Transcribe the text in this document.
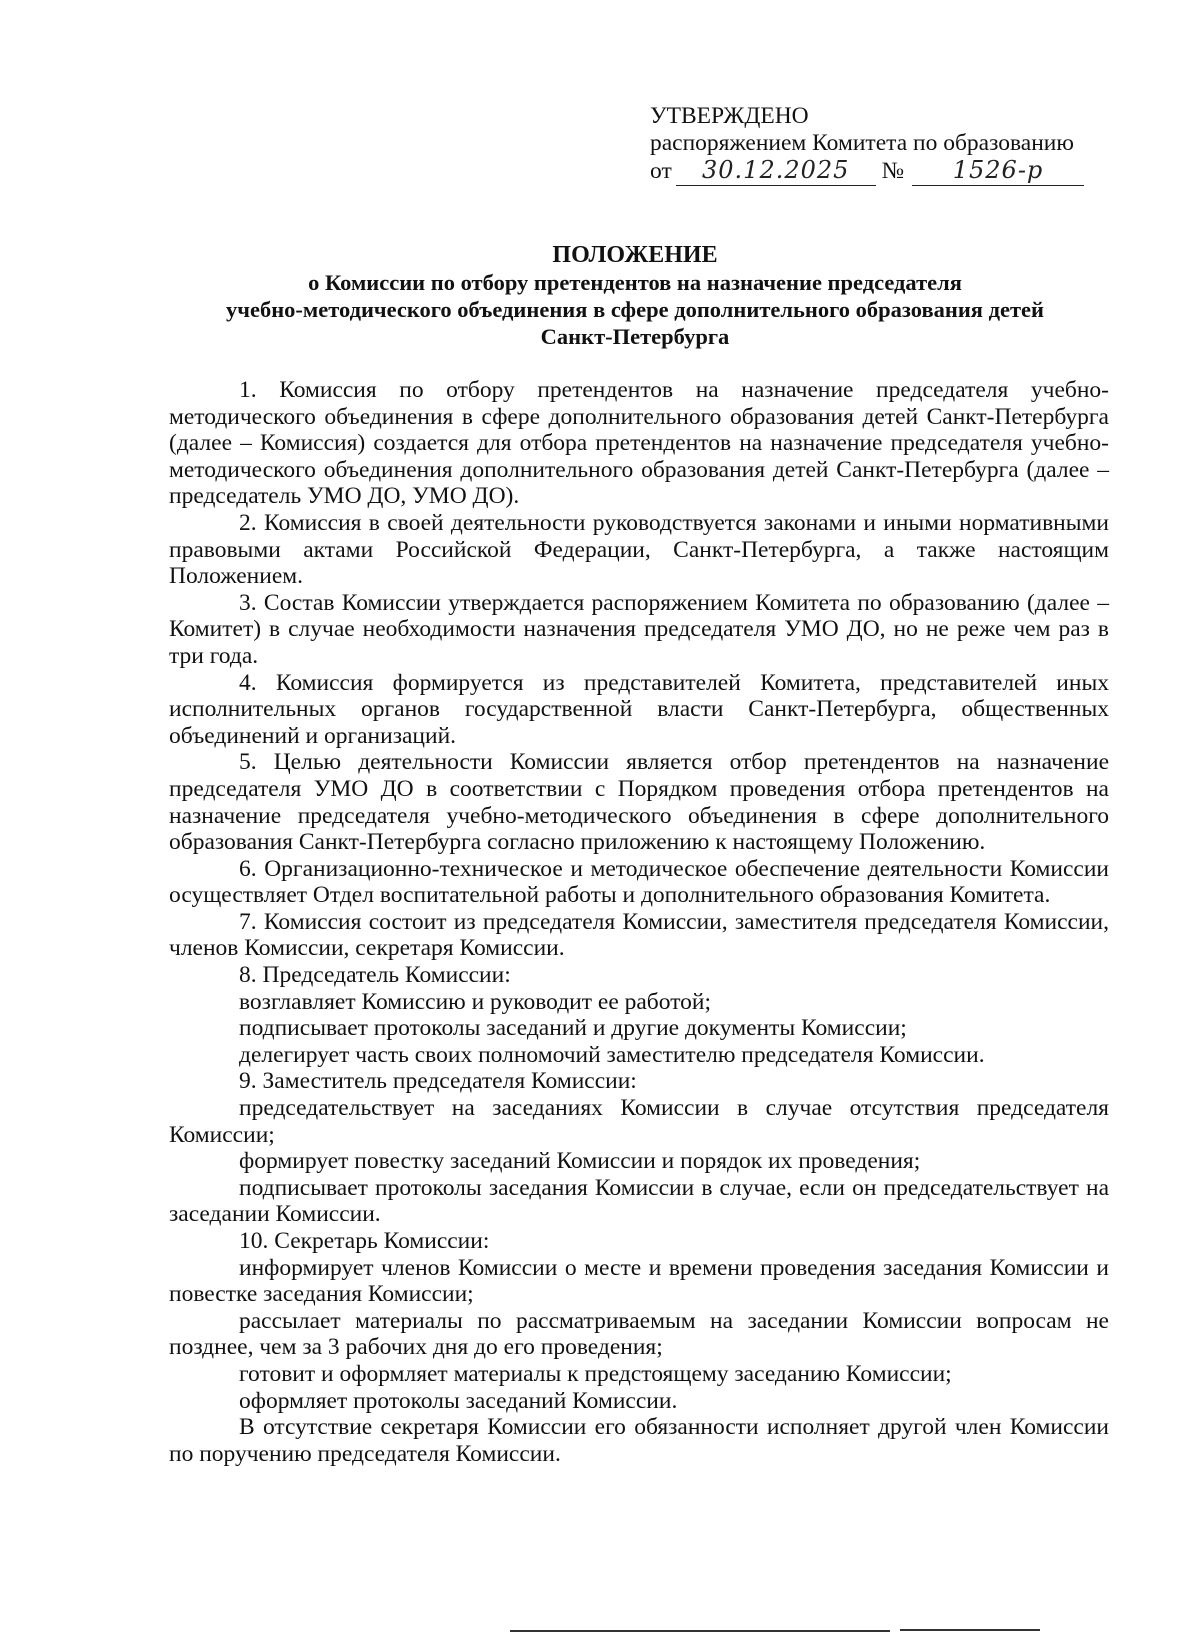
УТВЕРЖДЕНО
распоряжением Комитета по образованию
от 30.12.2025 № 1526-р
ПОЛОЖЕНИЕ
о Комиссии по отбору претендентов на назначение председателя
учебно-методического объединения в сфере дополнительного образования детей
Санкт-Петербурга

1. Комиссия по отбору претендентов на назначение председателя учебно-методического объединения в сфере дополнительного образования детей Санкт-Петербурга (далее – Комиссия) создается для отбора претендентов на назначение председателя учебно-методического объединения дополнительного образования детей Санкт-Петербурга (далее – председатель УМО ДО, УМО ДО).

2. Комиссия в своей деятельности руководствуется законами и иными нормативными правовыми актами Российской Федерации, Санкт-Петербурга, а также настоящим Положением.

3. Состав Комиссии утверждается распоряжением Комитета по образованию (далее – Комитет) в случае необходимости назначения председателя УМО ДО, но не реже чем раз в три года.

4. Комиссия формируется из представителей Комитета, представителей иных исполнительных органов государственной власти Санкт-Петербурга, общественных объединений и организаций.

5. Целью деятельности Комиссии является отбор претендентов на назначение председателя УМО ДО в соответствии с Порядком проведения отбора претендентов на назначение председателя учебно-методического объединения в сфере дополнительного образования Санкт-Петербурга согласно приложению к настоящему Положению.

6. Организационно-техническое и методическое обеспечение деятельности Комиссии осуществляет Отдел воспитательной работы и дополнительного образования Комитета.

7. Комиссия состоит из председателя Комиссии, заместителя председателя Комиссии, членов Комиссии, секретаря Комиссии.

8. Председатель Комиссии:

возглавляет Комиссию и руководит ее работой;

подписывает протоколы заседаний и другие документы Комиссии;

делегирует часть своих полномочий заместителю председателя Комиссии.

9. Заместитель председателя Комиссии:

председательствует на заседаниях Комиссии в случае отсутствия председателя Комиссии;

формирует повестку заседаний Комиссии и порядок их проведения;

подписывает протоколы заседания Комиссии в случае, если он председательствует на заседании Комиссии.

10. Секретарь Комиссии:

информирует членов Комиссии о месте и времени проведения заседания Комиссии и повестке заседания Комиссии;

рассылает материалы по рассматриваемым на заседании Комиссии вопросам не позднее, чем за 3 рабочих дня до его проведения;

готовит и оформляет материалы к предстоящему заседанию Комиссии;

оформляет протоколы заседаний Комиссии.

В отсутствие секретаря Комиссии его обязанности исполняет другой член Комиссии по поручению председателя Комиссии.
